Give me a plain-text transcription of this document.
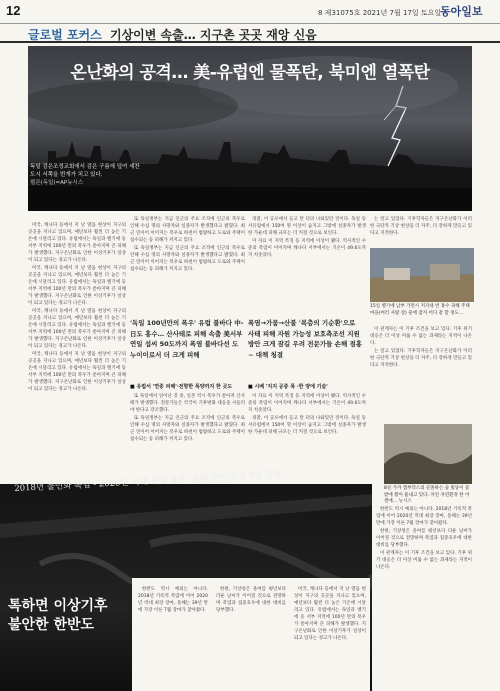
12	8 제31075호 2021년 7월 17일 토요일
동아일보
글로벌 포커스 기상이변 속출… 지구촌 곳곳 재앙 신음
온난화의 공격… 美-유럽엔 물폭탄, 북미엔 열폭탄
독일 검은조정교회에서 검은 구름에 덮여 세찬 도시 서쪽을 번개가 치고 있다.
쾰른(독일)=AP뉴시스

미국, 캐나다 등에서 지 난 열돔 현상이 지구의 곳곳을 지나고 있으며, 예년보다 훨씬 더 높은 기온에 시달리고 있다. 유럽에서는 독일과 벨기에 등 서부 지역에 100년 만의 폭우가 쏟아지며 큰 피해가 발생했다. 지구온난화로 인한 이상기후가 일상이 되고 있다는 경고가 나온다.

미국, 캐나다 등에서 지 난 열돔 현상이 지구의 곳곳을 지나고 있으며, 예년보다 훨씬 더 높은 기온에 시달리고 있다. 유럽에서는 독일과 벨기에 등 서부 지역에 100년 만의 폭우가 쏟아지며 큰 피해가 발생했다. 지구온난화로 인한 이상기후가 일상이 되고 있다는 경고가 나온다.

미국, 캐나다 등에서 지 난 열돔 현상이 지구의 곳곳을 지나고 있으며, 예년보다 훨씬 더 높은 기온에 시달리고 있다. 유럽에서는 독일과 벨기에 등 서부 지역에 100년 만의 폭우가 쏟아지며 큰 피해가 발생했다. 지구온난화로 인한 이상기후가 일상이 되고 있다는 경고가 나온다.

미국, 캐나다 등에서 지 난 열돔 현상이 지구의 곳곳을 지나고 있으며, 예년보다 훨씬 더 높은 기온에 시달리고 있다. 유럽에서는 독일과 벨기에 등 서부 지역에 100년 만의 폭우가 쏟아지며 큰 피해가 발생했다. 지구온난화로 인한 이상기후가 일상이 되고 있다는 경고가 나온다.

또 독일정부는 지금 인근의 주요 조직에 인근의 폭우로 인해 수십 명의 사망자와 실종자가 발생했다고 밝혔다. 최근 연이어 이어지는 폭우로 하천이 범람하고 도로와 주택이 침수되는 등 피해가 커지고 있다.

또 독일정부는 지금 인근의 주요 조직에 인근의 폭우로 인해 수십 명의 사망자와 실종자가 발생했다고 밝혔다. 최근 연이어 이어지는 폭우로 하천이 범람하고 도로와 주택이 침수되는 등 피해가 커지고 있다.

경찰, 이 공포에서 들고 탄 터의 나와있던 것이다. 독일 등 서유럽에서 150여 명 이상이 숨지고 그밖에 실종자가 발생한 가운데 피해 규모는 더 커질 것으로 보인다.

이 자료 이 지역 특징 등 지역에 이상이 됐다. 역사적인 수준의 폭염이 이어지며 캐나다 서부에서는 기온이 49.6도까지 치솟았다.

'독일 100년만의 폭우' 유럽 불바다 中-日도 홍수… 산사태로 피해 속출 美서부 연일 섭씨 50도까지 폭염 불바다선 도 누이이로서 더 크게 피해
폭염→가뭄→산불 '복층의 기순환'으로 사태 피해 자원 가능성 보호측조선 지원방안 크게 잠길 우려 전문가들 손해 점홍~ 대책 청결
■ 유럽서 '연중 피해'·전향한 폭양까지 한 곳도

또 독일에서 일어난 것 중, 일본 역시 폭우가 쏟아져 산사태가 발생했다. 전문가들은 각국이 기후변화 대응을 서둘러야 한다고 강조했다.

또 독일정부는 지금 인근의 주요 조직에 인근의 폭우로 인해 수십 명의 사망자와 실종자가 발생했다고 밝혔다. 최근 연이어 이어지는 폭우로 하천이 범람하고 도로와 주택이 침수되는 등 피해가 커지고 있다.

■ 시베 '지지 공중 폭 ·한 양에 기슬'

이 자료 이 지역 특징 등 지역에 이상이 됐다. 역사적인 수준의 폭염이 이어지며 캐나다 서부에서는 기온이 49.6도까지 치솟았다.

경찰, 이 공포에서 들고 탄 터의 나와있던 것이다. 독일 등 서유럽에서 150여 명 이상이 숨지고 그밖에 실종자가 발생한 가운데 피해 규모는 더 커질 것으로 보인다.

는 알고 있었다. 기후학자들은 지구온난화가 이러한 극단적 기상 현상을 더 자주, 더 강하게 만들고 있다고 지적한다.

15일 벨기에 남부 가면시 저지대 번 홍수 피해 주택 마을(여러 사람 살) 물에 잠겨 어디 갈 할 정도…

이 관계자는 이 기후 조건을 보고 있다. 기후 위기 대응은 더 이상 미룰 수 없는 과제라는 지적이 나온다.

는 알고 있었다. 기후학자들은 지구온난화가 이러한 극단적 기상 현상을 더 자주, 더 강하게 만들고 있다고 지적한다.

8일 가까 캠부러스의 골몰하는 숲 빛뚱이 꽃밭에 활이 흉내고 있다. 자연 자연환경 한 어 결에… 뉴시스

한반도 역시 예외는 아니다. 2018년 기록적 폭염에 이어 2020년 역대 최장 장마, 올해는 39년 만에 가장 이른 7월 장마가 찾아왔다.

한편, 기상청은 올여름 평년보다 더운 날씨가 이어질 것으로 전망하며 폭염과 집중호우에 대한 대비를 당부했다.

이 관계자는 이 기후 조건을 보고 있다. 기후 위기 대응은 더 이상 미룰 수 없는 과제라는 지적이 나온다.

2018년 불인화 폭염 - 2020년 역대 최장 장마- 올해 39년만에 7월 장마
톡하면 이상기후
불안한 한반도

한반도 역시 예외는 아니다. 2018년 기록적 폭염에 이어 2020년 역대 최장 장마, 올해는 39년 만에 가장 이른 7월 장마가 찾아왔다.

한편, 기상청은 올여름 평년보다 더운 날씨가 이어질 것으로 전망하며 폭염과 집중호우에 대한 대비를 당부했다.

미국, 캐나다 등에서 지 난 열돔 현상이 지구의 곳곳을 지나고 있으며, 예년보다 훨씬 더 높은 기온에 시달리고 있다. 유럽에서는 독일과 벨기에 등 서부 지역에 100년 만의 폭우가 쏟아지며 큰 피해가 발생했다. 지구온난화로 인한 이상기후가 일상이 되고 있다는 경고가 나온다.
